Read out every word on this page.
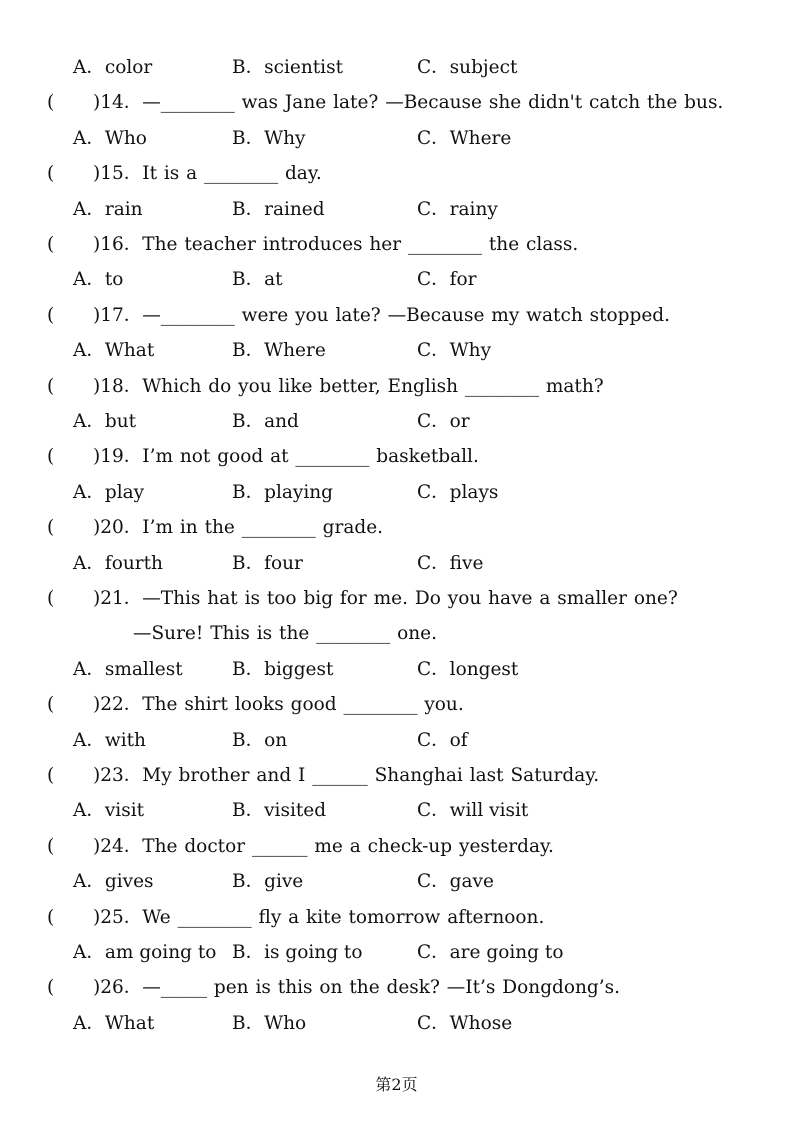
A．color	B．scientist	C．subject
( )14．—________ was Jane late? —Because she didn't catch the bus.
A．Who	B．Why	C．Where
( )15．It is a ________ day.
A．rain	B．rained	C．rainy
( )16．The teacher introduces her ________ the class.
A．to	B．at	C．for
( )17．—________ were you late? —Because my watch stopped.
A．What	B．Where	C．Why
( )18．Which do you like better, English ________ math?
A．but	B．and	C．or
( )19．I’m not good at ________ basketball.
A．play	B．playing	C．plays
( )20．I’m in the ________ grade.
A．fourth	B．four	C．five
( )21．—This hat is too big for me. Do you have a smaller one?
—Sure! This is the ________ one.
A．smallest	B．biggest	C．longest
( )22．The shirt looks good ________ you.
A．with	B．on	C．of
( )23．My brother and I ______ Shanghai last Saturday.
A．visit	B．visited	C．will visit
( )24．The doctor ______ me a check-up yesterday.
A．gives	B．give	C．gave
( )25．We ________ fly a kite tomorrow afternoon.
A．am going to B．is going to	C．are going to
( )26．—_____ pen is this on the desk? —It’s Dongdong’s.
A．What	B．Who	C．Whose
第2页
